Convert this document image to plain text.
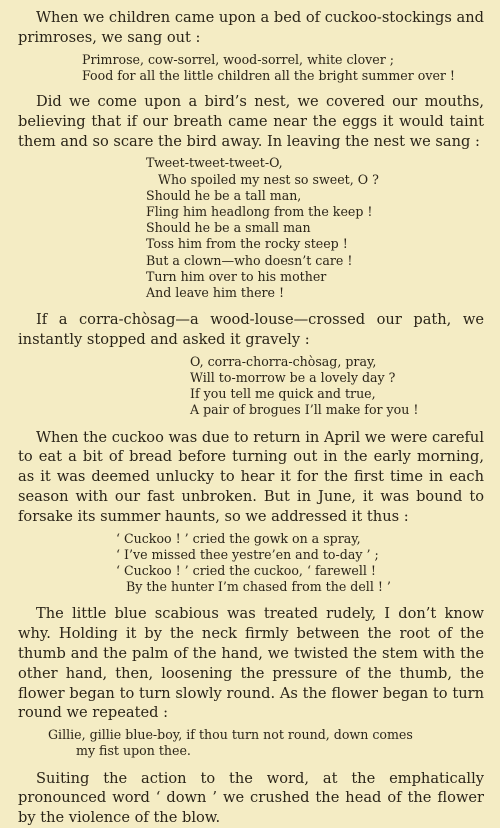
When we children came upon a bed of cuckoo-stockings and primroses, we sang out :

Primrose, cow-sorrel, wood-sorrel, white clover ;
Food for all the little children all the bright summer over !

Did we come upon a bird’s nest, we covered our mouths, believing that if our breath came near the eggs it would taint them and so scare the bird away. In leaving the nest we sang :

Tweet-tweet-tweet-O,
Who spoiled my nest so sweet, O ?
Should he be a tall man,
Fling him headlong from the keep !
Should he be a small man
Toss him from the rocky steep !
But a clown—who doesn’t care !
Turn him over to his mother
And leave him there !

If a corra-chòsag—a wood-louse—crossed our path, we instantly stopped and asked it gravely :

O, corra-chorra-chòsag, pray,
Will to-morrow be a lovely day ?
If you tell me quick and true,
A pair of brogues I’ll make for you !

When the cuckoo was due to return in April we were careful to eat a bit of bread before turning out in the early morning, as it was deemed unlucky to hear it for the first time in each season with our fast unbroken. But in June, it was bound to forsake its summer haunts, so we addressed it thus :

‘ Cuckoo ! ’ cried the gowk on a spray,
‘ I’ve missed thee yestre’en and to-day ’ ;
‘ Cuckoo ! ’ cried the cuckoo, ‘ farewell !
By the hunter I’m chased from the dell ! ’

The little blue scabious was treated rudely, I don’t know why. Holding it by the neck firmly between the root of the thumb and the palm of the hand, we twisted the stem with the other hand, then, loosening the pressure of the thumb, the flower began to turn slowly round. As the flower began to turn round we repeated :

Gillie, gillie blue-boy, if thou turn not round, down comes
my fist upon thee.

Suiting the action to the word, at the emphatically pronounced word ‘ down ’ we crushed the head of the flower by the violence of the blow.
